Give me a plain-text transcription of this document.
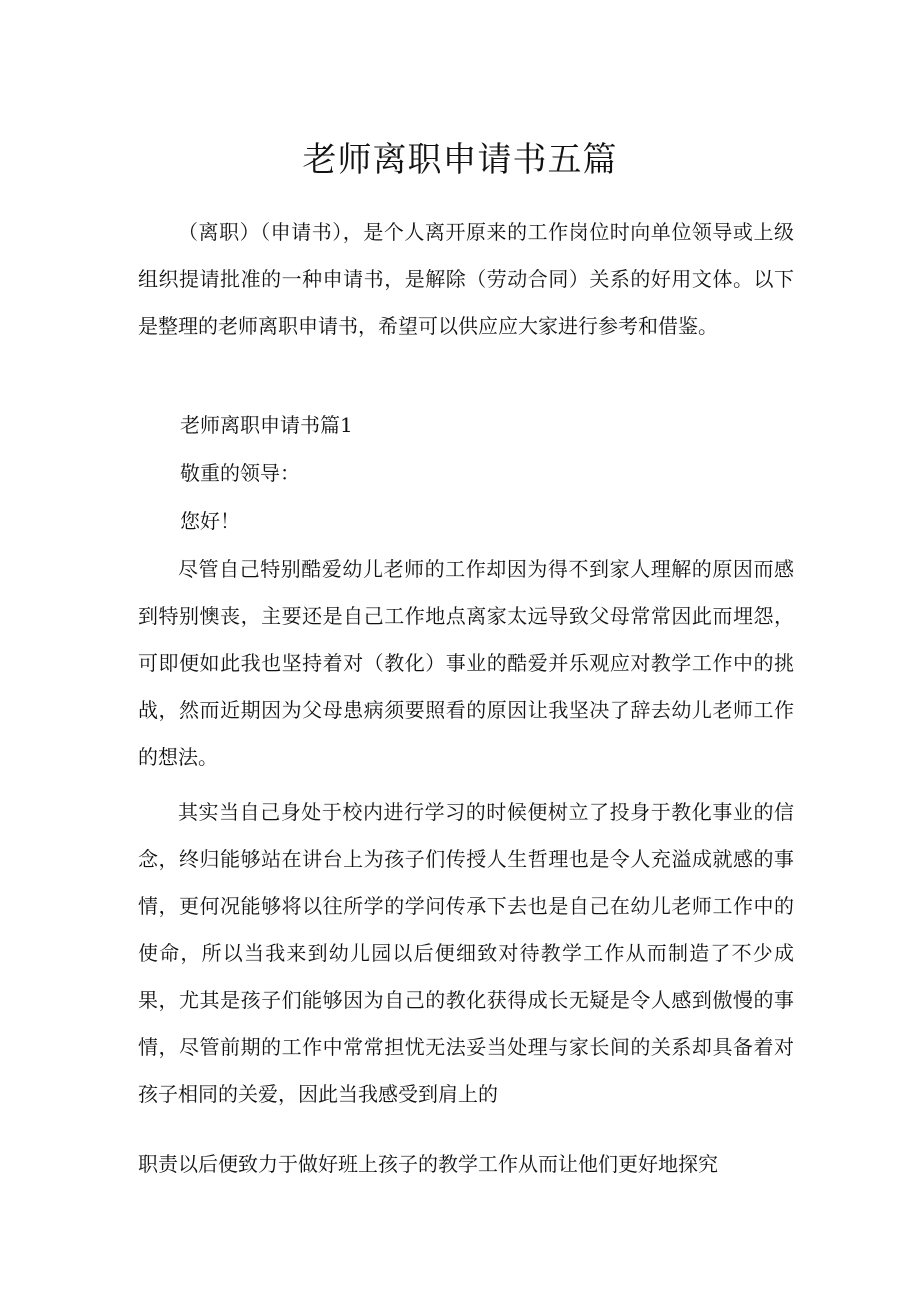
老师离职申请书五篇

（离职）（申请书），是个人离开原来的工作岗位时向单位领导或上级组织提请批准的一种申请书，是解除（劳动合同）关系的好用文体。以下是整理的老师离职申请书，希望可以供应应大家进行参考和借鉴。

老师离职申请书篇1

敬重的领导：

您好！

尽管自己特别酷爱幼儿老师的工作却因为得不到家人理解的原因而感到特别懊丧，主要还是自己工作地点离家太远导致父母常常因此而埋怨，可即便如此我也坚持着对（教化）事业的酷爱并乐观应对教学工作中的挑战，然而近期因为父母患病须要照看的原因让我坚决了辞去幼儿老师工作的想法。

其实当自己身处于校内进行学习的时候便树立了投身于教化事业的信念，终归能够站在讲台上为孩子们传授人生哲理也是令人充溢成就感的事情，更何况能够将以往所学的学问传承下去也是自己在幼儿老师工作中的使命，所以当我来到幼儿园以后便细致对待教学工作从而制造了不少成果，尤其是孩子们能够因为自己的教化获得成长无疑是令人感到傲慢的事情，尽管前期的工作中常常担忧无法妥当处理与家长间的关系却具备着对孩子相同的关爱，因此当我感受到肩上的

职责以后便致力于做好班上孩子的教学工作从而让他们更好地探究
